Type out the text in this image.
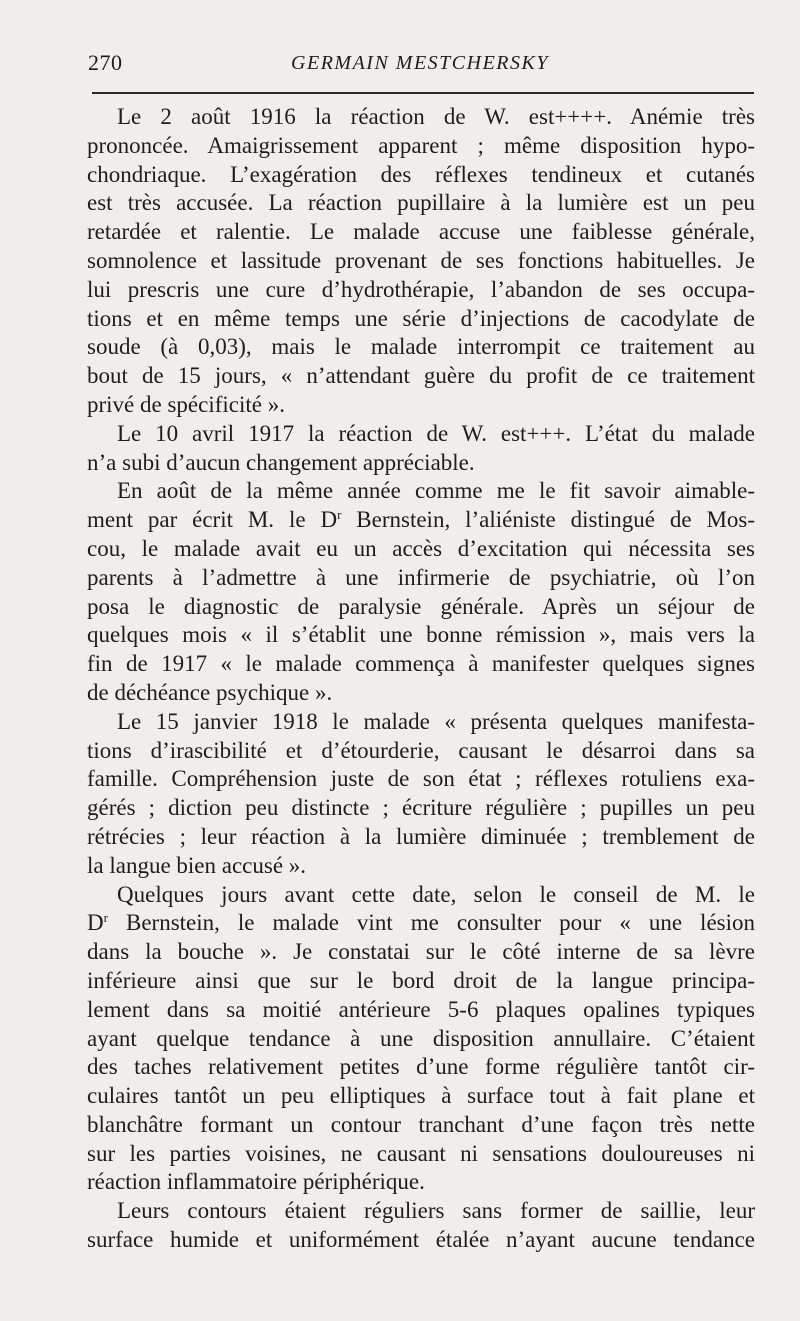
270	GERMAIN MESTCHERSKY
Le 2 août 1916 la réaction de W. est++++. Anémie très
prononcée. Amaigrissement apparent ; même disposition hypo-
chondriaque. L’exagération des réflexes tendineux et cutanés
est très accusée. La réaction pupillaire à la lumière est un peu
retardée et ralentie. Le malade accuse une faiblesse générale,
somnolence et lassitude provenant de ses fonctions habituelles. Je
lui prescris une cure d’hydrothérapie, l’abandon de ses occupa-
tions et en même temps une série d’injections de cacodylate de
soude (à 0,03), mais le malade interrompit ce traitement au
bout de 15 jours, « n’attendant guère du profit de ce traitement
privé de spécificité ».
Le 10 avril 1917 la réaction de W. est+++. L’état du malade
n’a subi d’aucun changement appréciable.
En août de la même année comme me le fit savoir aimable-
ment par écrit M. le $D^r$ Bernstein, l’aliéniste distingué de Mos-
cou, le malade avait eu un accès d’excitation qui nécessita ses
parents à l’admettre à une infirmerie de psychiatrie, où l’on
posa le diagnostic de paralysie générale. Après un séjour de
quelques mois « il s’établit une bonne rémission », mais vers la
fin de 1917 « le malade commença à manifester quelques signes
de déchéance psychique ».
Le 15 janvier 1918 le malade « présenta quelques manifesta-
tions d’irascibilité et d’étourderie, causant le désarroi dans sa
famille. Compréhension juste de son état ; réflexes rotuliens exa-
gérés ; diction peu distincte ; écriture régulière ; pupilles un peu
rétrécies ; leur réaction à la lumière diminuée ; tremblement de
la langue bien accusé ».
Quelques jours avant cette date, selon le conseil de M. le
$D^r$ Bernstein, le malade vint me consulter pour « une lésion
dans la bouche ». Je constatai sur le côté interne de sa lèvre
inférieure ainsi que sur le bord droit de la langue principa-
lement dans sa moitié antérieure 5-6 plaques opalines typiques
ayant quelque tendance à une disposition annullaire. C’étaient
des taches relativement petites d’une forme régulière tantôt cir-
culaires tantôt un peu elliptiques à surface tout à fait plane et
blanchâtre formant un contour tranchant d’une façon très nette
sur les parties voisines, ne causant ni sensations douloureuses ni
réaction inflammatoire périphérique.
Leurs contours étaient réguliers sans former de saillie, leur
surface humide et uniformément étalée n’ayant aucune tendance
